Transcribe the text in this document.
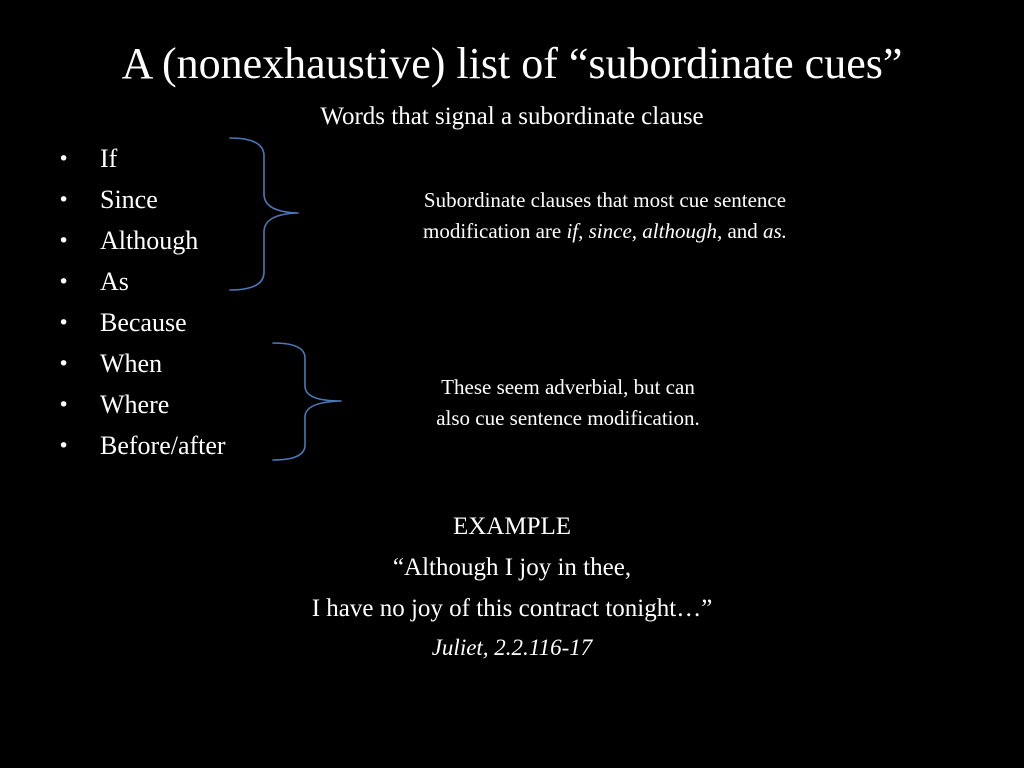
A (nonexhaustive) list of “subordinate cues”
Words that signal a subordinate clause
• If
• Since
• Although
• As
• Because
• When
• Where
• Before/after
Subordinate clauses that most cue sentence
modification are if, since, although, and as.
These seem adverbial, but can
also cue sentence modification.
EXAMPLE
“Although I joy in thee,
I have no joy of this contract tonight…”
Juliet, 2.2.116-17
